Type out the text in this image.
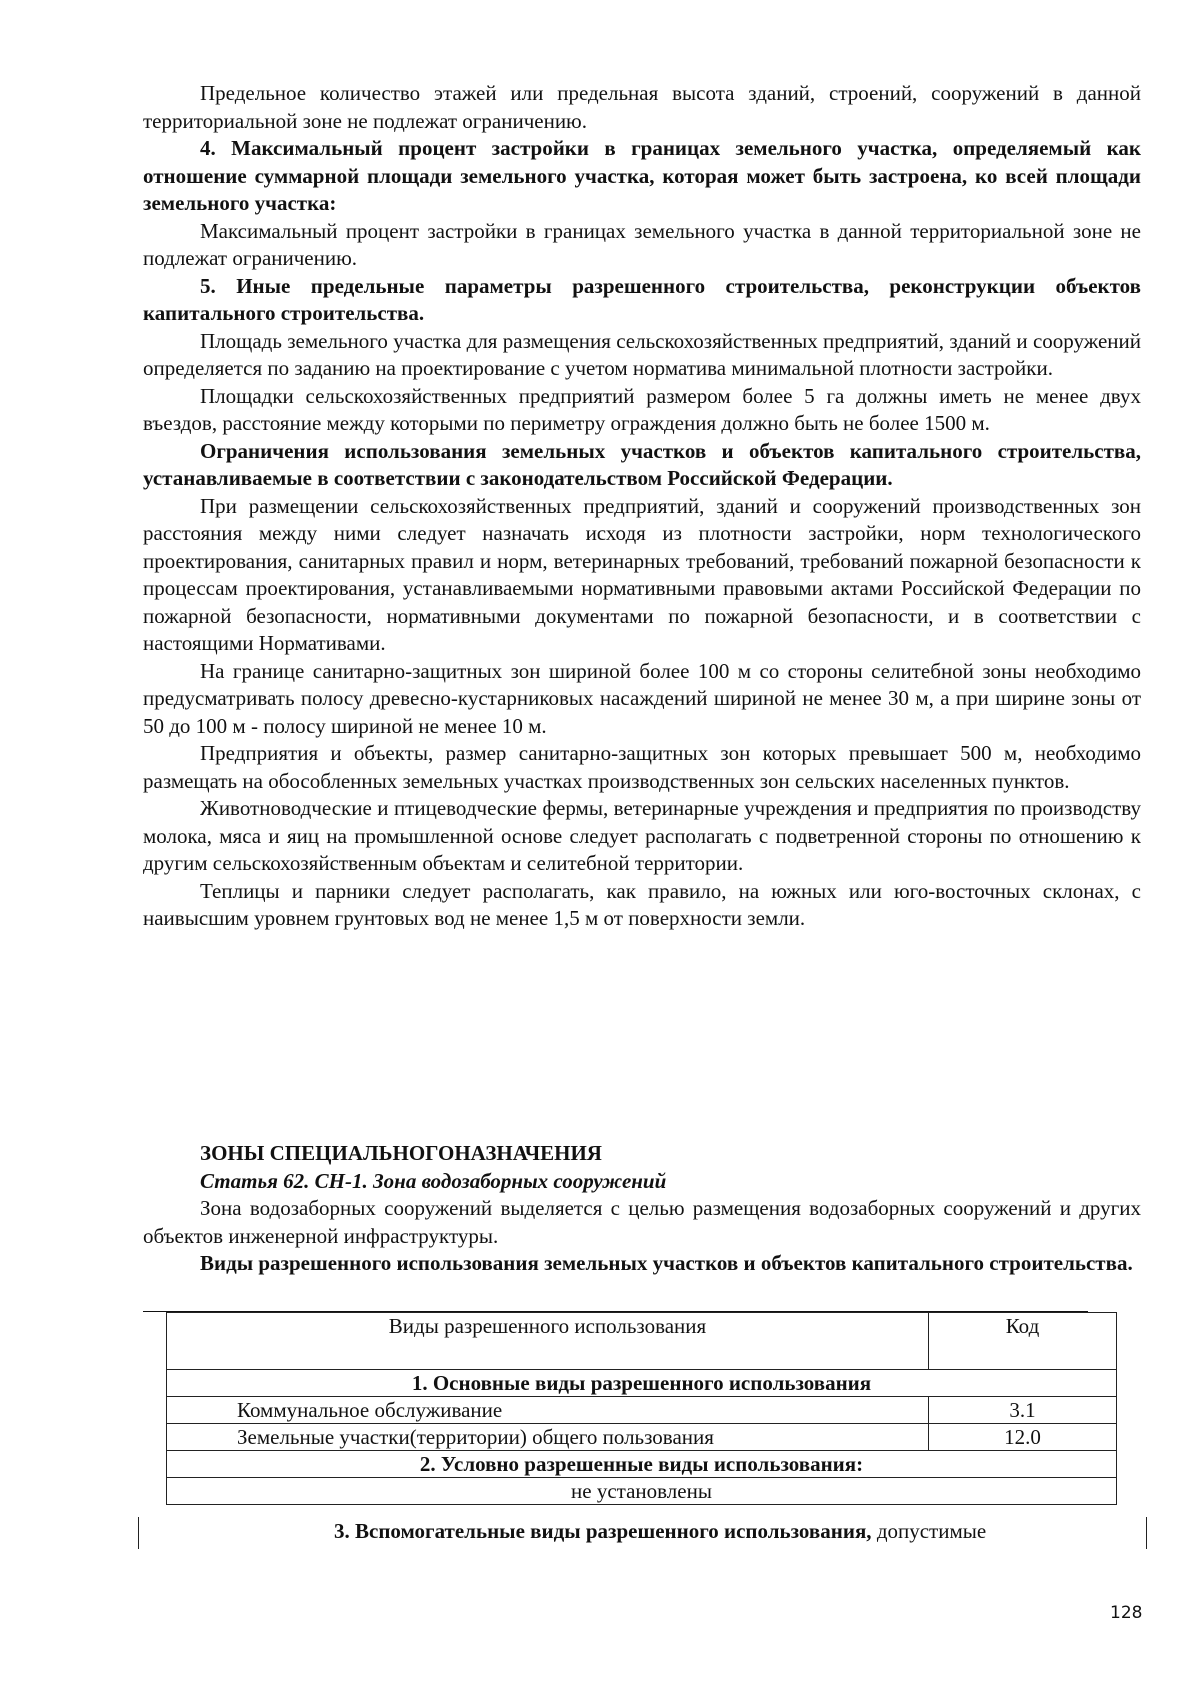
Предельное количество этажей или предельная высота зданий, строений, сооружений в данной территориальной зоне не подлежат ограничению.

4. Максимальный процент застройки в границах земельного участка, определяемый как отношение суммарной площади земельного участка, которая может быть застроена, ко всей площади земельного участка:

Максимальный процент застройки в границах земельного участка в данной территориальной зоне не подлежат ограничению.

5. Иные предельные параметры разрешенного строительства, реконструкции объектов капитального строительства.

Площадь земельного участка для размещения сельскохозяйственных предприятий, зданий и сооружений определяется по заданию на проектирование с учетом норматива минимальной плотности застройки.

Площадки сельскохозяйственных предприятий размером более 5 га должны иметь не менее двух въездов, расстояние между которыми по периметру ограждения должно быть не более 1500 м.

Ограничения использования земельных участков и объектов капитального строительства, устанавливаемые в соответствии с законодательством Российской Федерации.

При размещении сельскохозяйственных предприятий, зданий и сооружений производственных зон расстояния между ними следует назначать исходя из плотности застройки, норм технологического проектирования, санитарных правил и норм, ветеринарных требований, требований пожарной безопасности к процессам проектирования, устанавливаемыми нормативными правовыми актами Российской Федерации по пожарной безопасности, нормативными документами по пожарной безопасности, и в соответствии с настоящими Нормативами.

На границе санитарно-защитных зон шириной более 100 м со стороны селитебной зоны необходимо предусматривать полосу древесно-кустарниковых насаждений шириной не менее 30 м, а при ширине зоны от 50 до 100 м - полосу шириной не менее 10 м.

Предприятия и объекты, размер санитарно-защитных зон которых превышает 500 м, необходимо размещать на обособленных земельных участках производственных зон сельских населенных пунктов.

Животноводческие и птицеводческие фермы, ветеринарные учреждения и предприятия по производству молока, мяса и яиц на промышленной основе следует располагать с подветренной стороны по отношению к другим сельскохозяйственным объектам и селитебной территории.

Теплицы и парники следует располагать, как правило, на южных или юго-восточных склонах, с наивысшим уровнем грунтовых вод не менее 1,5 м от поверхности земли.

ЗОНЫ СПЕЦИАЛЬНОГОНАЗНАЧЕНИЯ
Статья 62. СН-1. Зона водозаборных сооружений

Зона водозаборных сооружений выделяется с целью размещения водозаборных сооружений и других объектов инженерной инфраструктуры.

Виды разрешенного использования земельных участков и объектов капитального строительства.

Виды разрешенного использования	Код
1. Основные виды разрешенного использования	
Коммунальное обслуживание	3.1
Земельные участки(территории) общего пользования	12.0
2. Условно разрешенные виды использования:	
не установлены	
3. Вспомогательные виды разрешенного использования, допустимые
128
